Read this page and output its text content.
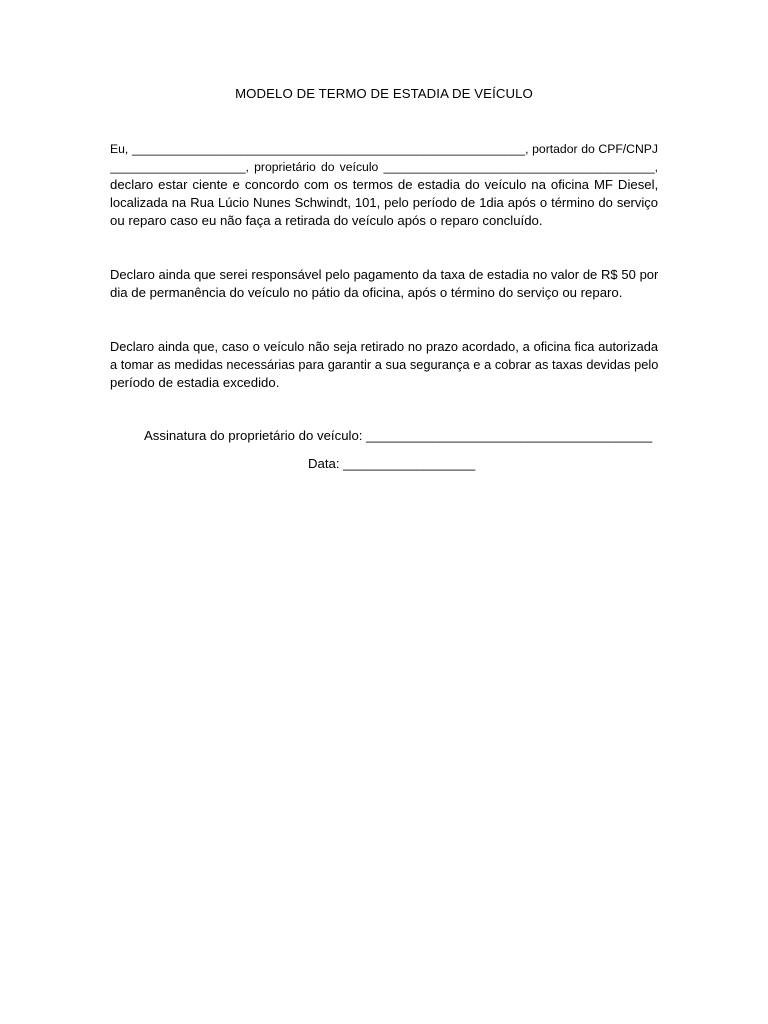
MODELO DE TERMO DE ESTADIA DE VEÍCULO
Eu, __________________________________________________________, portador do CPF/CNPJ
____________________, proprietário do veículo ________________________________________,
declaro estar ciente e concordo com os termos de estadia do veículo na oficina MF Diesel,
localizada na Rua Lúcio Nunes Schwindt, 101, pelo período de 1dia após o término do serviço
ou reparo caso eu não faça a retirada do veículo após o reparo concluído.
Declaro ainda que serei responsável pelo pagamento da taxa de estadia no valor de R$ 50 por
dia de permanência do veículo no pátio da oficina, após o término do serviço ou reparo.
Declaro ainda que, caso o veículo não seja retirado no prazo acordado, a oficina fica autorizada
a tomar as medidas necessárias para garantir a sua segurança e a cobrar as taxas devidas pelo
período de estadia excedido.
Assinatura do proprietário do veículo: _______________________________________
Data: __________________
